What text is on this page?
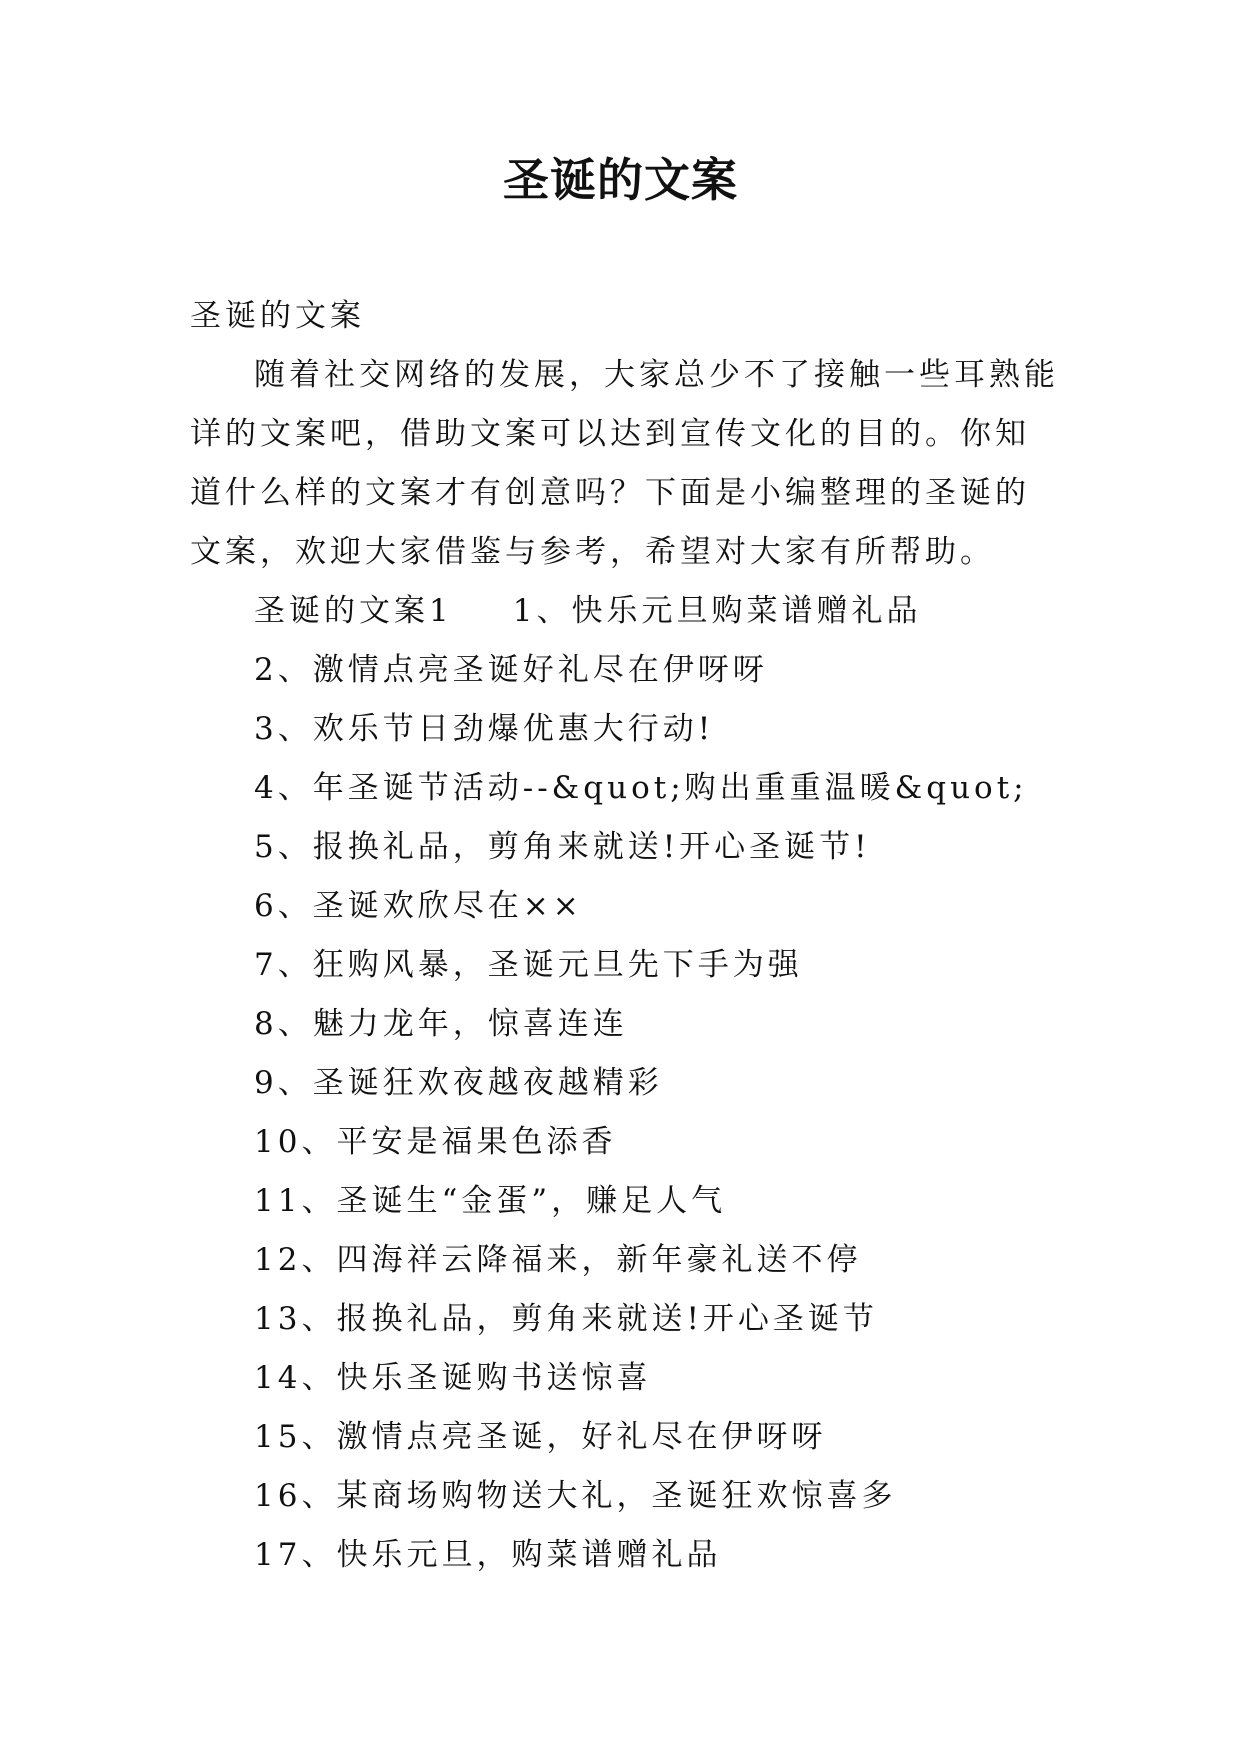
圣诞的文案

圣诞的文案

随着社交网络的发展，大家总少不了接触一些耳熟能详的文案吧，借助文案可以达到宣传文化的目的。你知道什么样的文案才有创意吗？下面是小编整理的圣诞的文案，欢迎大家借鉴与参考，希望对大家有所帮助。

圣诞的文案1 1、快乐元旦购菜谱赠礼品

2、激情点亮圣诞好礼尽在伊呀呀

3、欢乐节日劲爆优惠大行动!

4、年圣诞节活动--&quot;购出重重温暖&quot;

5、报换礼品，剪角来就送!开心圣诞节!

6、圣诞欢欣尽在××

7、狂购风暴，圣诞元旦先下手为强

8、魅力龙年，惊喜连连

9、圣诞狂欢夜越夜越精彩

10、平安是福果色添香

11、圣诞生“金蛋”，赚足人气

12、四海祥云降福来，新年豪礼送不停

13、报换礼品，剪角来就送!开心圣诞节

14、快乐圣诞购书送惊喜

15、激情点亮圣诞，好礼尽在伊呀呀

16、某商场购物送大礼，圣诞狂欢惊喜多

17、快乐元旦，购菜谱赠礼品
